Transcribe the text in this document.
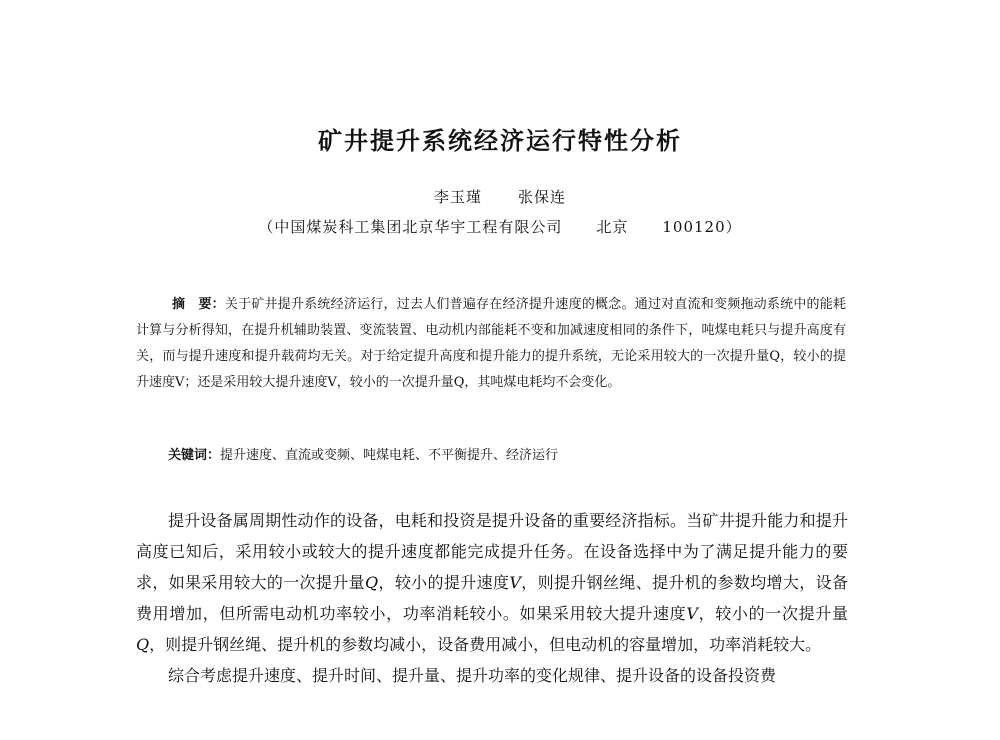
矿井提升系统经济运行特性分析
李玉瑾 张保连
（中国煤炭科工集团北京华宇工程有限公司 北京 100120）
摘　要：关于矿井提升系统经济运行，过去人们普遍存在经济提升速度的概念。通过对直流和变频拖动系统中的能耗计算与分析得知，在提升机辅助装置、变流装置、电动机内部能耗不变和加减速度相同的条件下，吨煤电耗只与提升高度有关，而与提升速度和提升载荷均无关。对于给定提升高度和提升能力的提升系统，无论采用较大的一次提升量Q，较小的提升速度V；还是采用较大提升速度V，较小的一次提升量Q，其吨煤电耗均不会变化。
关键词：提升速度、直流或变频、吨煤电耗、不平衡提升、经济运行

提升设备属周期性动作的设备，电耗和投资是提升设备的重要经济指标。当矿井提升能力和提升高度已知后，采用较小或较大的提升速度都能完成提升任务。在设备选择中为了满足提升能力的要求，如果采用较大的一次提升量Q，较小的提升速度V，则提升钢丝绳、提升机的参数均增大，设备费用增加，但所需电动机功率较小，功率消耗较小。如果采用较大提升速度V，较小的一次提升量Q，则提升钢丝绳、提升机的参数均减小，设备费用减小，但电动机的容量增加，功率消耗较大。

综合考虑提升速度、提升时间、提升量、提升功率的变化规律、提升设备的设备投资费
